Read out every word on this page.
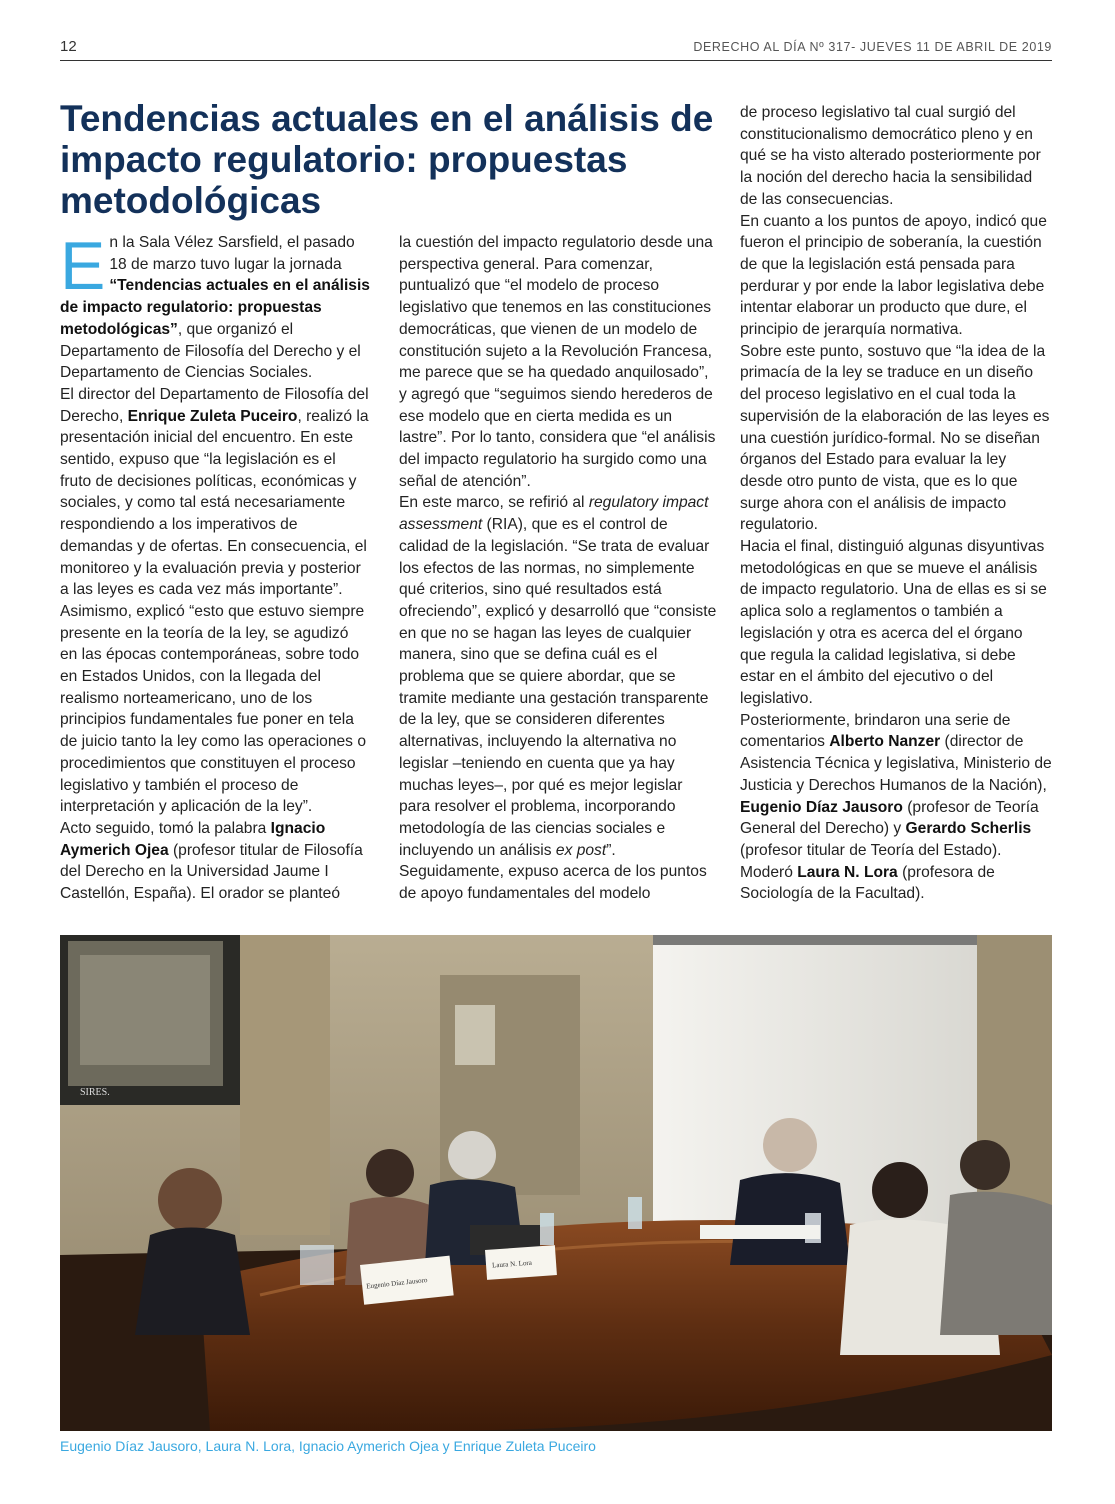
12	DERECHO AL DÍA Nº 317- JUEVES 11 DE ABRIL DE 2019
Tendencias actuales en el análisis de impacto regulatorio: propuestas metodológicas

En la Sala Vélez Sarsfield, el pasado 18 de marzo tuvo lugar la jornada “Tendencias actuales en el análisis de impacto regulatorio: propuestas metodológicas”, que organizó el Departamento de Filosofía del Derecho y el Departamento de Ciencias Sociales.

El director del Departamento de Filosofía del Derecho, Enrique Zuleta Puceiro, realizó la presentación inicial del encuentro. En este sentido, expuso que “la legislación es el fruto de decisiones políticas, económicas y sociales, y como tal está necesariamente respondiendo a los imperativos de demandas y de ofertas. En consecuencia, el monitoreo y la evaluación previa y posterior a las leyes es cada vez más importante”. Asimismo, explicó “esto que estuvo siempre presente en la teoría de la ley, se agudizó en las épocas contemporáneas, sobre todo en Estados Unidos, con la llegada del realismo norteamericano, uno de los principios fundamentales fue poner en tela de juicio tanto la ley como las operaciones o procedimientos que constituyen el proceso legislativo y también el proceso de interpretación y aplicación de la ley”.

Acto seguido, tomó la palabra Ignacio Aymerich Ojea (profesor titular de Filosofía del Derecho en la Universidad Jaume I Castellón, España). El orador se planteó

la cuestión del impacto regulatorio desde una perspectiva general. Para comenzar, puntualizó que “el modelo de proceso legislativo que tenemos en las constituciones democráticas, que vienen de un modelo de constitución sujeto a la Revolución Francesa, me parece que se ha quedado anquilosado”, y agregó que “seguimos siendo herederos de ese modelo que en cierta medida es un lastre”. Por lo tanto, considera que “el análisis del impacto regulatorio ha surgido como una señal de atención”.

En este marco, se refirió al regulatory impact assessment (RIA), que es el control de calidad de la legislación. “Se trata de evaluar los efectos de las normas, no simplemente qué criterios, sino qué resultados está ofreciendo”, explicó y desarrolló que “consiste en que no se hagan las leyes de cualquier manera, sino que se defina cuál es el problema que se quiere abordar, que se tramite mediante una gestación transparente de la ley, que se consideren diferentes alternativas, incluyendo la alternativa no legislar –teniendo en cuenta que ya hay muchas leyes–, por qué es mejor legislar para resolver el problema, incorporando metodología de las ciencias sociales e incluyendo un análisis ex post”.

Seguidamente, expuso acerca de los puntos de apoyo fundamentales del modelo

de proceso legislativo tal cual surgió del constitucionalismo democrático pleno y en qué se ha visto alterado posteriormente por la noción del derecho hacia la sensibilidad de las consecuencias.

En cuanto a los puntos de apoyo, indicó que fueron el principio de soberanía, la cuestión de que la legislación está pensada para perdurar y por ende la labor legislativa debe intentar elaborar un producto que dure, el principio de jerarquía normativa.

Sobre este punto, sostuvo que “la idea de la primacía de la ley se traduce en un diseño del proceso legislativo en el cual toda la supervisión de la elaboración de las leyes es una cuestión jurídico-formal. No se diseñan órganos del Estado para evaluar la ley desde otro punto de vista, que es lo que surge ahora con el análisis de impacto regulatorio.

Hacia el final, distinguió algunas disyuntivas metodológicas en que se mueve el análisis de impacto regulatorio. Una de ellas es si se aplica solo a reglamentos o también a legislación y otra es acerca del el órgano que regula la calidad legislativa, si debe estar en el ámbito del ejecutivo o del legislativo.

Posteriormente, brindaron una serie de comentarios Alberto Nanzer (director de Asistencia Técnica y legislativa, Ministerio de Justicia y Derechos Humanos de la Nación), Eugenio Díaz Jausoro (profesor de Teoría General del Derecho) y Gerardo Scherlis (profesor titular de Teoría del Estado). Moderó Laura N. Lora (profesora de Sociología de la Facultad).

SIRES.
Eugenio Díaz Jausoro
Laura N. Lora
Eugenio Díaz Jausoro, Laura N. Lora, Ignacio Aymerich Ojea y Enrique Zuleta Puceiro
